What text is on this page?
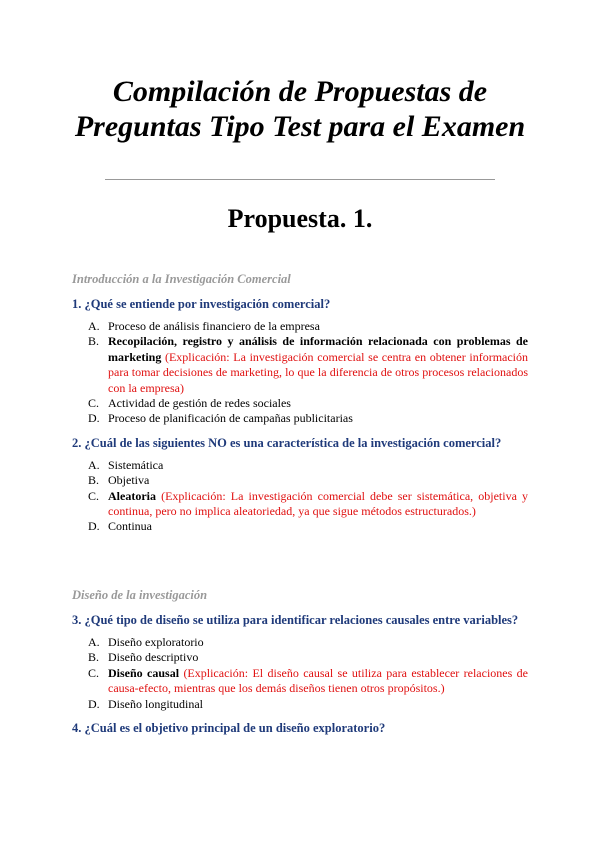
Compilación de Propuestas de
Preguntas Tipo Test para el Examen
Propuesta. 1.
Introducción a la Investigación Comercial
1. ¿Qué se entiende por investigación comercial?
A. Proceso de análisis financiero de la empresa
B. Recopilación, registro y análisis de información relacionada con problemas de marketing (Explicación: La investigación comercial se centra en obtener información para tomar decisiones de marketing, lo que la diferencia de otros procesos relacionados con la empresa)
C. Actividad de gestión de redes sociales
D. Proceso de planificación de campañas publicitarias
2. ¿Cuál de las siguientes NO es una característica de la investigación comercial?
A. Sistemática
B. Objetiva
C. Aleatoria (Explicación: La investigación comercial debe ser sistemática, objetiva y continua, pero no implica aleatoriedad, ya que sigue métodos estructurados.)
D. Continua
Diseño de la investigación
3. ¿Qué tipo de diseño se utiliza para identificar relaciones causales entre variables?
A. Diseño exploratorio
B. Diseño descriptivo
C. Diseño causal (Explicación: El diseño causal se utiliza para establecer relaciones de causa-efecto, mientras que los demás diseños tienen otros propósitos.)
D. Diseño longitudinal
4. ¿Cuál es el objetivo principal de un diseño exploratorio?
